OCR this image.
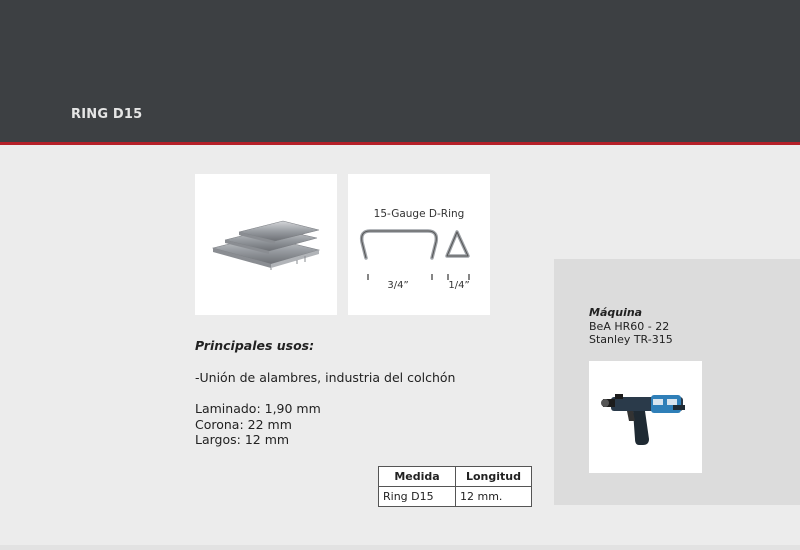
RING D15
15-Gauge D-Ring
3/4”	1/4”
Principales usos:
-Unión de alambres, industria del colchón
Laminado: 1,90 mm
Corona: 22 mm
Largos: 12 mm
Medida	Longitud
Ring D15	12 mm.
Máquina
BeA HR60 - 22
Stanley TR-315
